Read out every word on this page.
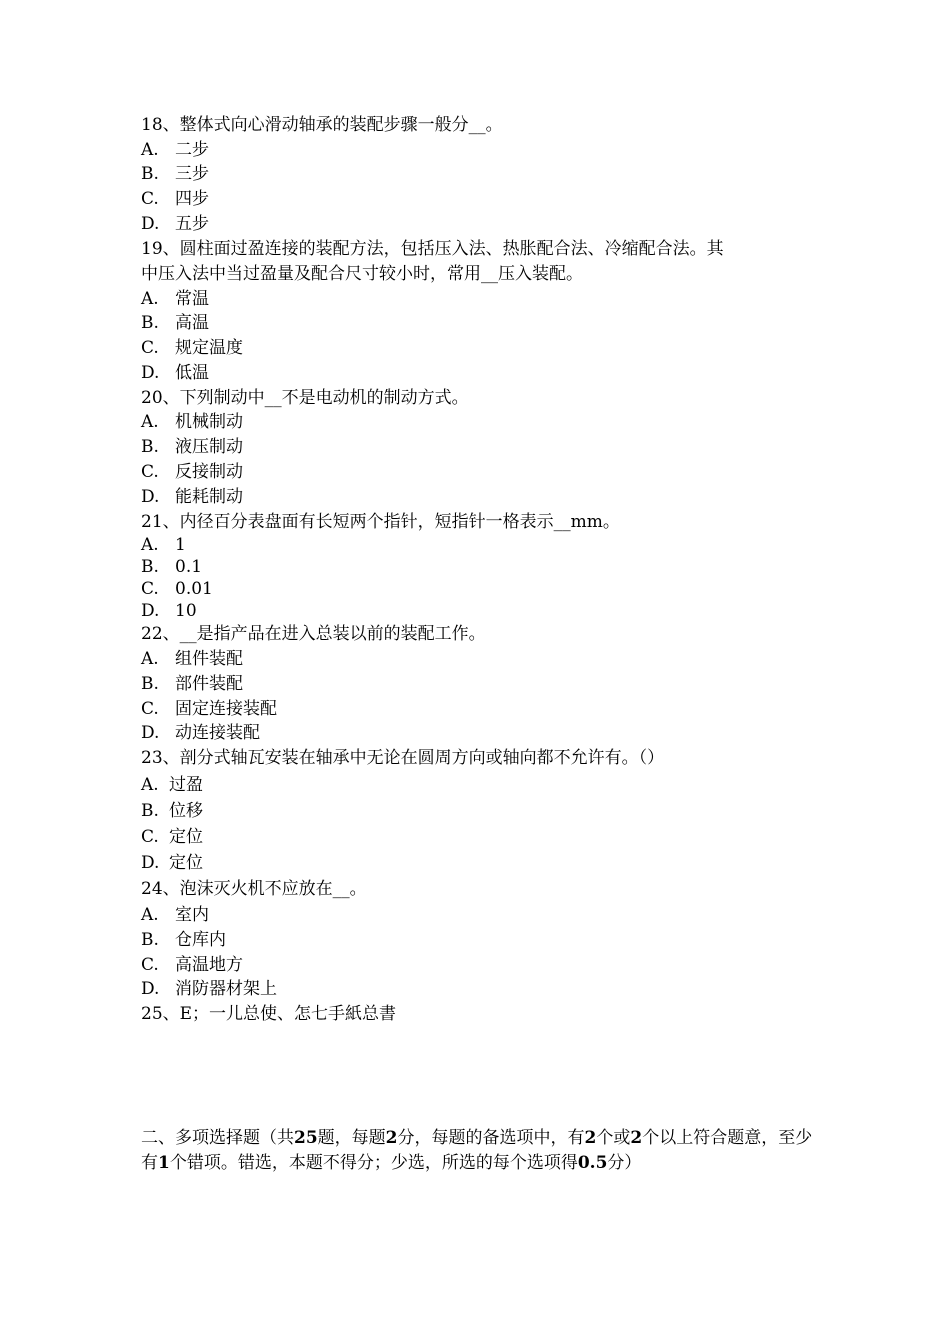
18、整体式向心滑动轴承的装配步骤一般分__。
A. 二步
B. 三步
C. 四步
D. 五步
19、圆柱面过盈连接的装配方法，包括压入法、热胀配合法、冷缩配合法。其
中压入法中当过盈量及配合尺寸较小时，常用__压入装配。
A. 常温
B. 高温
C. 规定温度
D. 低温
20、下列制动中__不是电动机的制动方式。
A. 机械制动
B. 液压制动
C. 反接制动
D. 能耗制动
21、内径百分表盘面有长短两个指针，短指针一格表示__mm。
A. 1
B. 0.1
C. 0.01
D. 10
22、__是指产品在进入总装以前的装配工作。
A. 组件装配
B. 部件装配
C. 固定连接装配
D. 动连接装配
23、剖分式轴瓦安装在轴承中无论在圆周方向或轴向都不允许有。（）
A. 过盈
B. 位移
C. 定位
D. 定位
24、泡沫灭火机不应放在__。
A. 室内
B. 仓库内
C. 高温地方
D. 消防器材架上
25、E；一儿总使、怎七手紙总書
二、多项选择题（共25题，每题2分，每题的备选项中，有2个或2个以上符合题意，至少有1个错项。错选，本题不得分；少选，所选的每个选项得0.5分）
